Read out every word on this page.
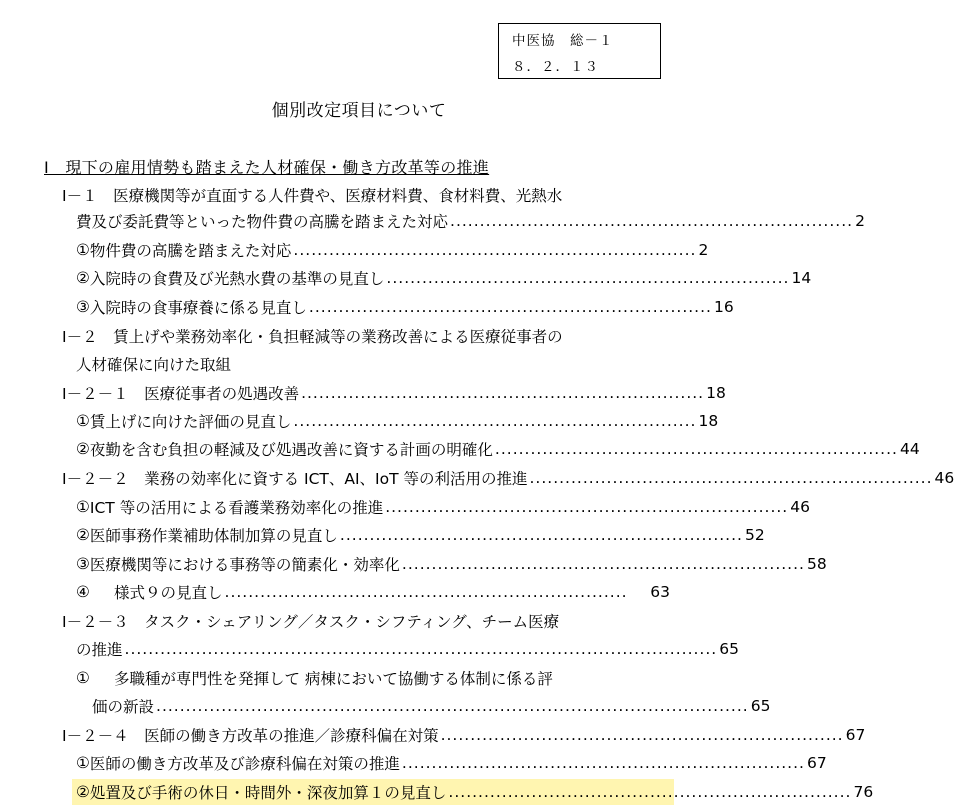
中医協　総－１
８．２．１３
個別改定項目について
Ⅰ　現下の雇用情勢も踏まえた人材確保・働き方改革等の推進
Ⅰ－１　医療機関等が直面する人件費や、医療材料費、食材料費、光熱水
費及び委託費等といった物件費の高騰を踏まえた対応 .................................................................... 2
① 物件費の高騰を踏まえた対応 .................................................................... 2
② 入院時の食費及び光熱水費の基準の見直し .................................................................... 14
③ 入院時の食事療養に係る見直し .................................................................... 16
Ⅰ－２　賃上げや業務効率化・負担軽減等の業務改善による医療従事者の
人材確保に向けた取組
Ⅰ－２－１　医療従事者の処遇改善 .................................................................... 18
① 賃上げに向けた評価の見直し .................................................................... 18
② 夜勤を含む負担の軽減及び処遇改善に資する計画の明確化 .................................................................... 44
Ⅰ－２－２　業務の効率化に資する ICT、AI、IoT 等の利活用の推進 .................................................................... 46
① ICT 等の活用による看護業務効率化の推進 .................................................................... 46
② 医師事務作業補助体制加算の見直し .................................................................... 52
③ 医療機関等における事務等の簡素化・効率化 .................................................................... 58
④	様式９の見直し ....................................................................	63
Ⅰ－２－３　タスク・シェアリング／タスク・シフティング、チーム医療
の推進 .................................................................................................... 65
①	多職種が専門性を発揮して 病棟において協働する体制に係る評
価の新設 .................................................................................................... 65
Ⅰ－２－４　医師の働き方改革の推進／診療科偏在対策 .................................................................... 67
① 医師の働き方改革及び診療科偏在対策の推進 .................................................................... 67
② 処置及び手術の休日・時間外・深夜加算１の見直し .................................................................... 76
